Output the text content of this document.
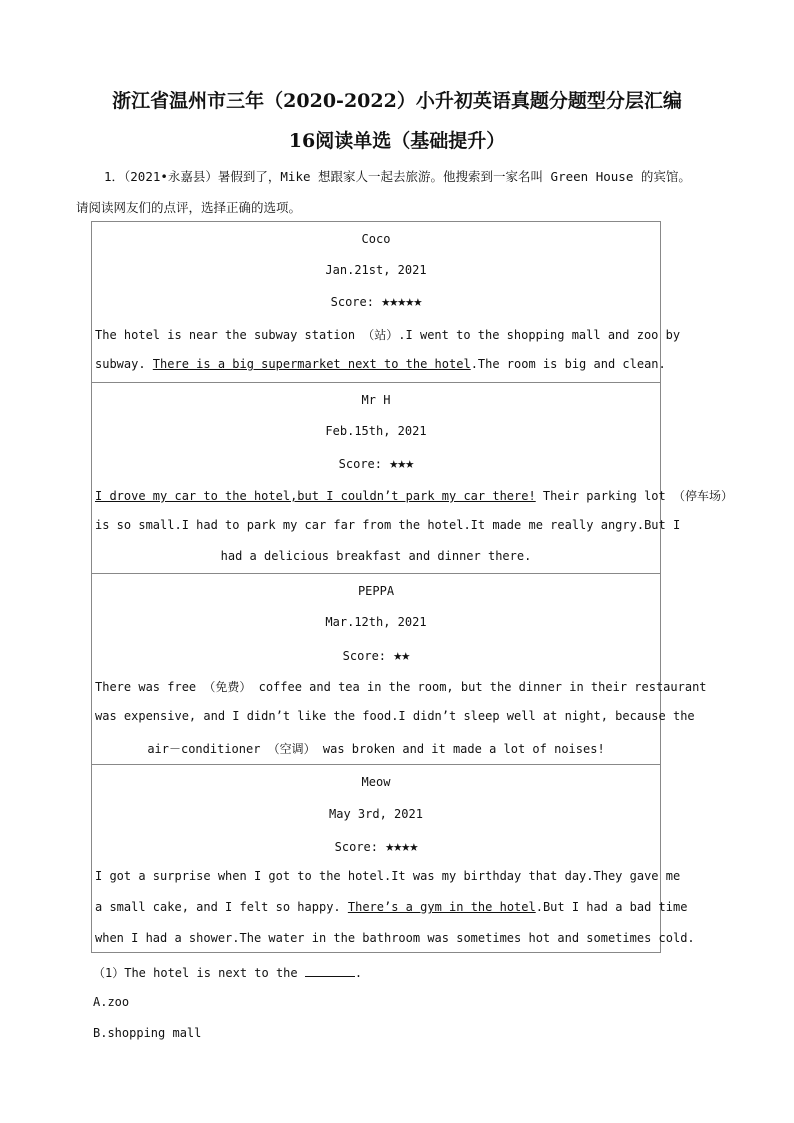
浙江省温州市三年（2020-2022）小升初英语真题分题型分层汇编
16阅读单选（基础提升）
1．（2021•永嘉县）暑假到了，Mike 想跟家人一起去旅游。他搜索到一家名叫 Green House 的宾馆。
请阅读网友们的点评，选择正确的选项。
Coco
Jan.21st, 2021
Score: ★★★★★
The hotel is near the subway station （站）.I went to the shopping mall and zoo by
subway. There is a big supermarket next to the hotel.The room is big and clean.
Mr H
Feb.15th, 2021
Score: ★★★
I drove my car to the hotel,but I couldn’t park my car there! Their parking lot （停车场）
is so small.I had to park my car far from the hotel.It made me really angry.But I
had a delicious breakfast and dinner there.
PEPPA
Mar.12th, 2021
Score: ★★
There was free （免费） coffee and tea in the room, but the dinner in their restaurant
was expensive, and I didn’t like the food.I didn’t sleep well at night, because the
air－conditioner （空调） was broken and it made a lot of noises!
Meow
May 3rd, 2021
Score: ★★★★
I got a surprise when I got to the hotel.It was my birthday that day.They gave me
a small cake, and I felt so happy. There’s a gym in the hotel.But I had a bad time
when I had a shower.The water in the bathroom was sometimes hot and sometimes cold.
（1）The hotel is next to the	.
A.zoo
B.shopping mall
